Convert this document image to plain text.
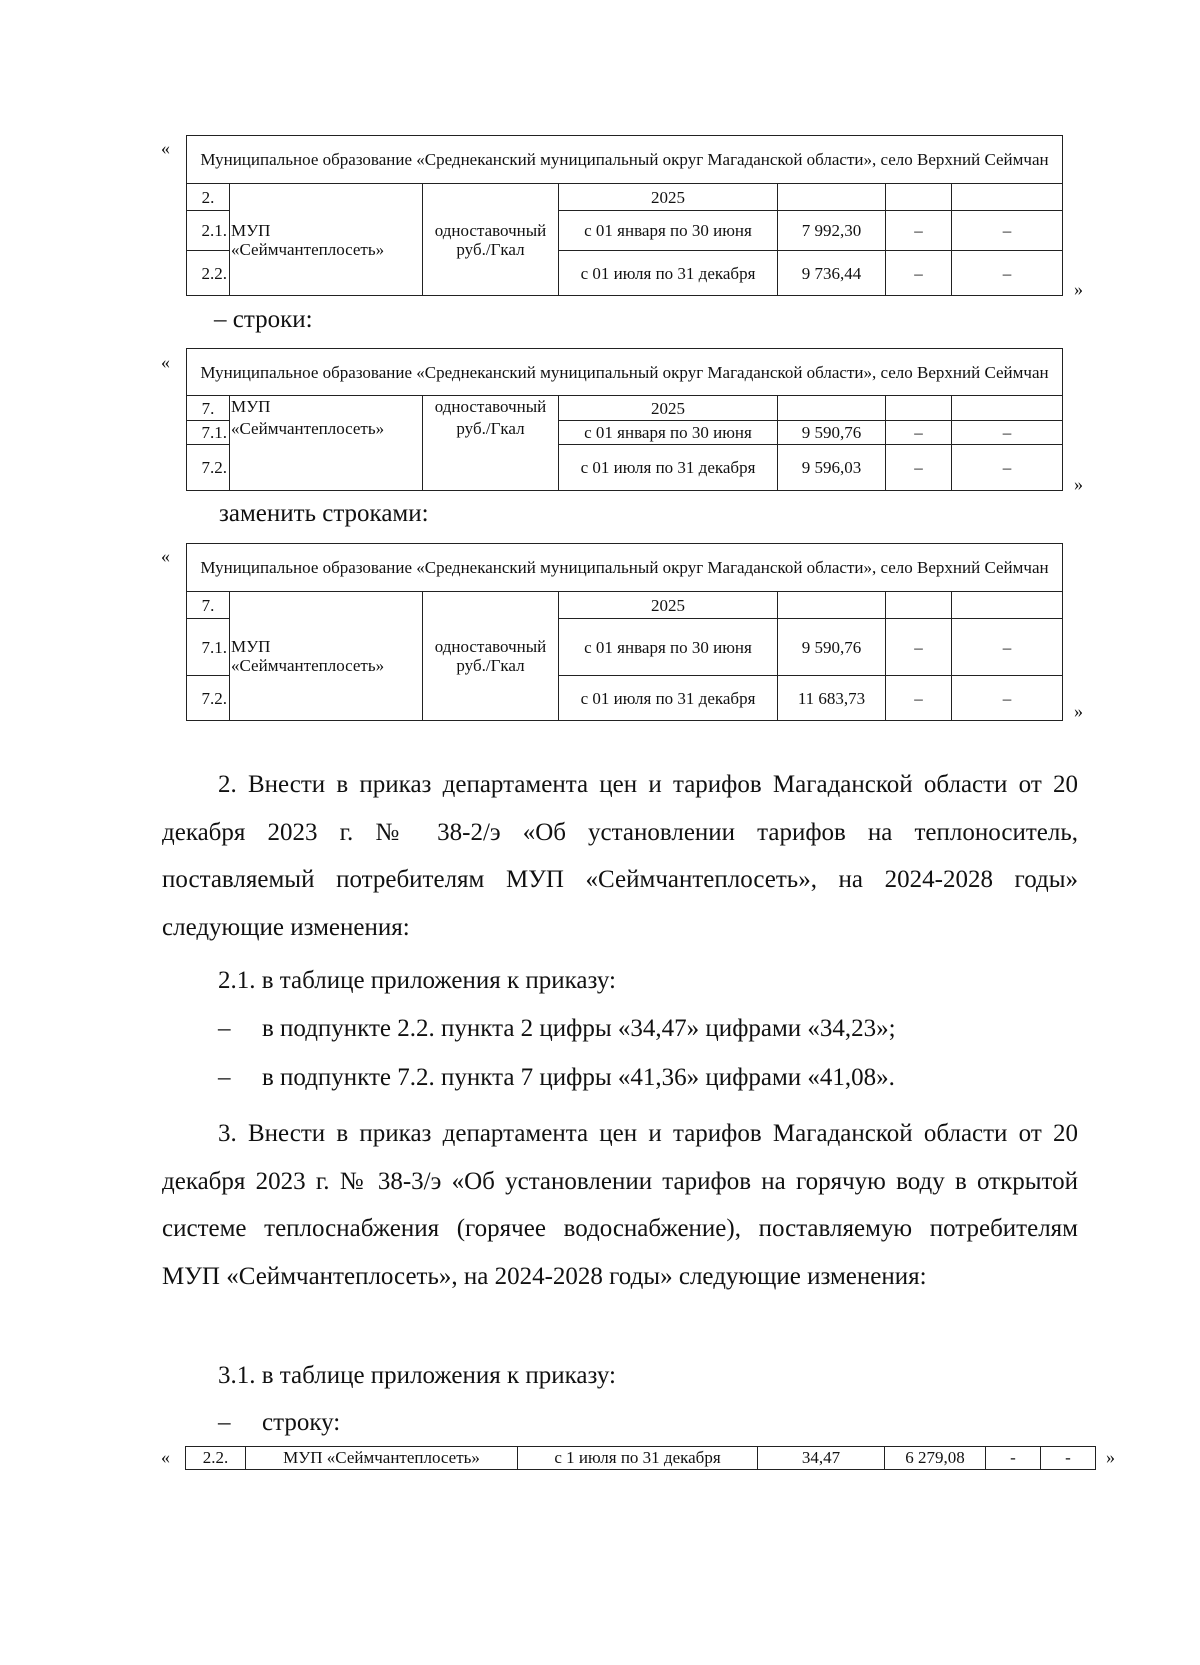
«
Муниципальное образование «Среднеканский муниципальный округ Магаданской области», село Верхний Сеймчан						
2.	МУП «Сеймчантеплосеть»	одноставочный руб./Гкал	2025			
2.1.			с 01 января по 30 июня	7 992,30	–	–
2.2.			с 01 июля по 31 декабря	9 736,44	–	–
»
– строки:
« Муниципальное образование «Среднеканский муниципальный округ Магаданской области», село Верхний Сеймчан						
7.	МУП «Сеймчантеплосеть»	одноставочный руб./Гкал	2025			
7.1.			с 01 января по 30 июня	9 590,76	–	–
7.2.			с 01 июля по 31 декабря	9 596,03	–	–
»
заменить строками:
«
Муниципальное образование «Среднеканский муниципальный округ Магаданской области», село Верхний Сеймчан						
7.	МУП «Сеймчантеплосеть»	одноставочный руб./Гкал	2025			
7.1.			с 01 января по 30 июня	9 590,76	–	–
7.2.			с 01 июля по 31 декабря	11 683,73	–	–
»
2. Внести в приказ департамента цен и тарифов Магаданской области от 20 декабря 2023 г. № 38-2/э «Об установлении тарифов на теплоноситель, поставляемый потребителям МУП «Сеймчантеплосеть», на 2024-2028 годы» следующие изменения:
2.1. в таблице приложения к приказу:
– в подпункте 2.2. пункта 2 цифры «34,47» цифрами «34,23»;
– в подпункте 7.2. пункта 7 цифры «41,36» цифрами «41,08».
3. Внести в приказ департамента цен и тарифов Магаданской области от 20 декабря 2023 г. № 38-3/э «Об установлении тарифов на горячую воду в открытой системе теплоснабжения (горячее водоснабжение), поставляемую потребителям МУП «Сеймчантеплосеть», на 2024-2028 годы» следующие изменения:
3.1. в таблице приложения к приказу:
– строку:
« 2.2.	МУП «Сеймчантеплосеть»	с 1 июля по 31 декабря	34,47	6 279,08	-	- »
